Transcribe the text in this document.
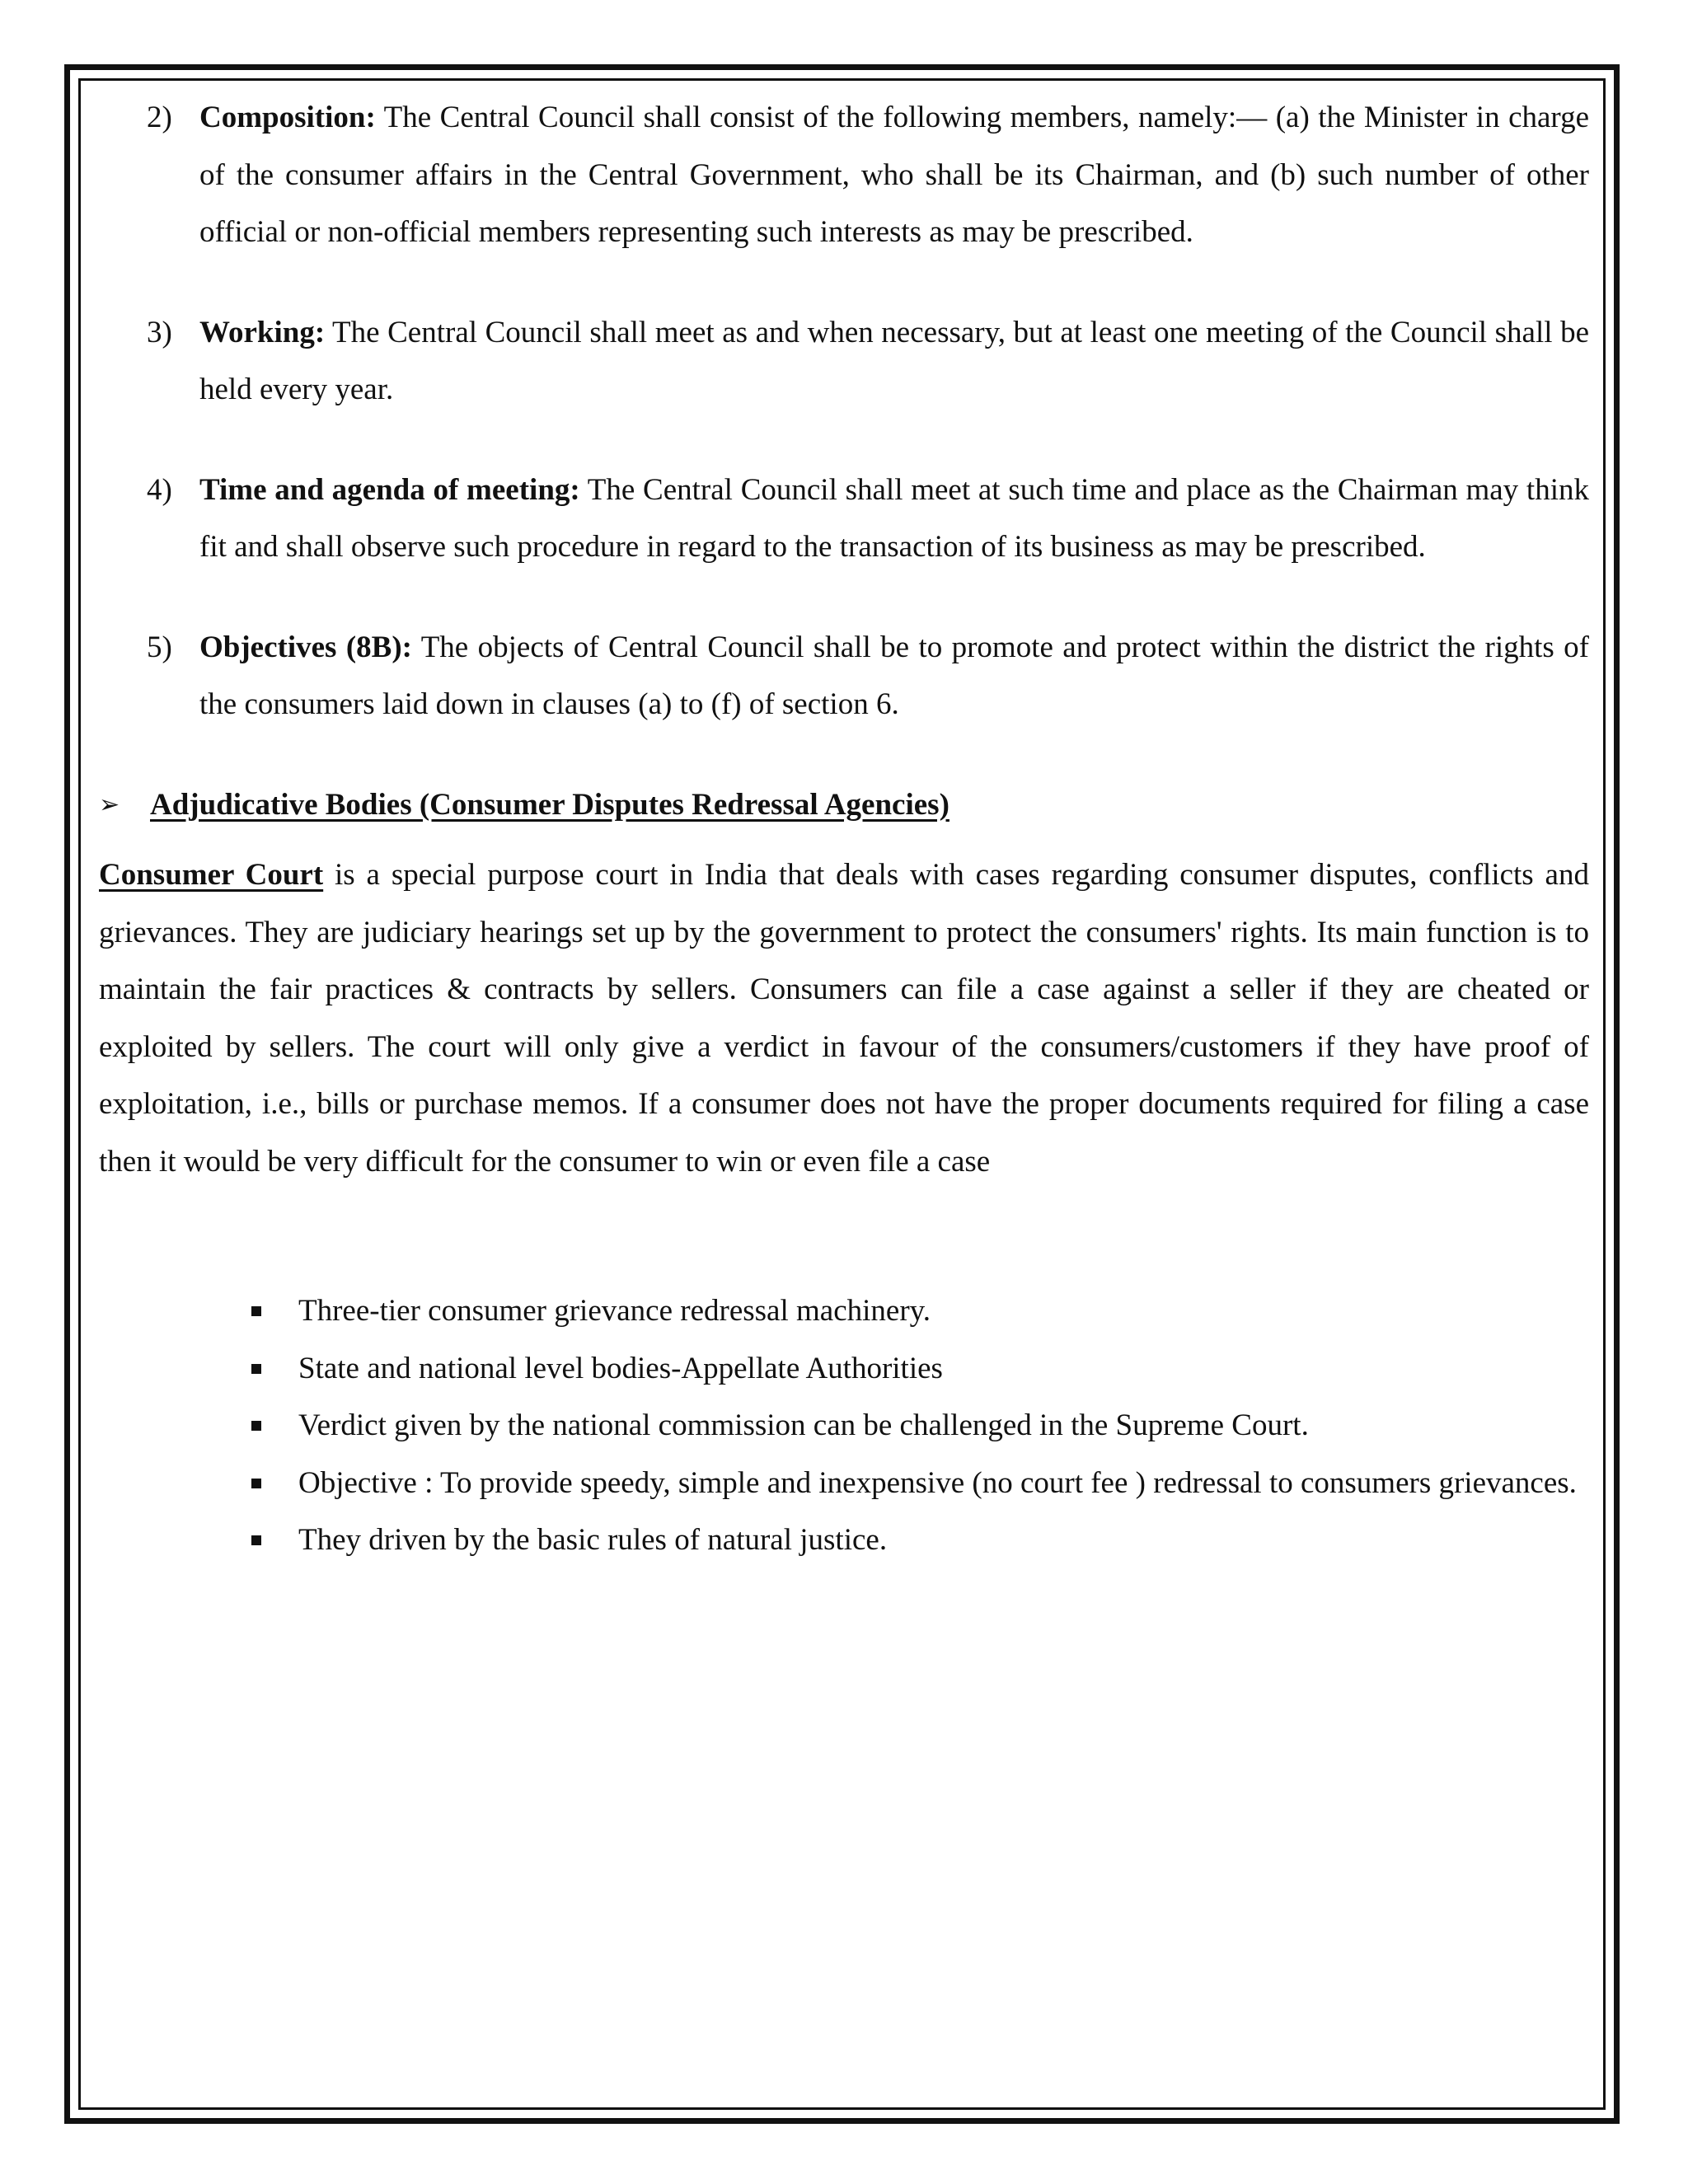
2) Composition: The Central Council shall consist of the following members, namely:— (a) the Minister in charge of the consumer affairs in the Central Government, who shall be its Chairman, and (b) such number of other official or non-official members representing such interests as may be prescribed.
3) Working: The Central Council shall meet as and when necessary, but at least one meeting of the Council shall be held every year.
4) Time and agenda of meeting: The Central Council shall meet at such time and place as the Chairman may think fit and shall observe such procedure in regard to the transaction of its business as may be prescribed.
5) Objectives (8B): The objects of Central Council shall be to promote and protect within the district the rights of the consumers laid down in clauses (a) to (f) of section 6.
➢ Adjudicative Bodies (Consumer Disputes Redressal Agencies)
Consumer Court is a special purpose court in India that deals with cases regarding consumer disputes, conflicts and grievances. They are judiciary hearings set up by the government to protect the consumers' rights. Its main function is to maintain the fair practices & contracts by sellers. Consumers can file a case against a seller if they are cheated or exploited by sellers. The court will only give a verdict in favour of the consumers/customers if they have proof of exploitation, i.e., bills or purchase memos. If a consumer does not have the proper documents required for filing a case then it would be very difficult for the consumer to win or even file a case
Three-tier consumer grievance redressal machinery.
State and national level bodies-Appellate Authorities
Verdict given by the national commission can be challenged in the Supreme Court.
Objective : To provide speedy, simple and inexpensive (no court fee ) redressal to consumers grievances.
They driven by the basic rules of natural justice.
